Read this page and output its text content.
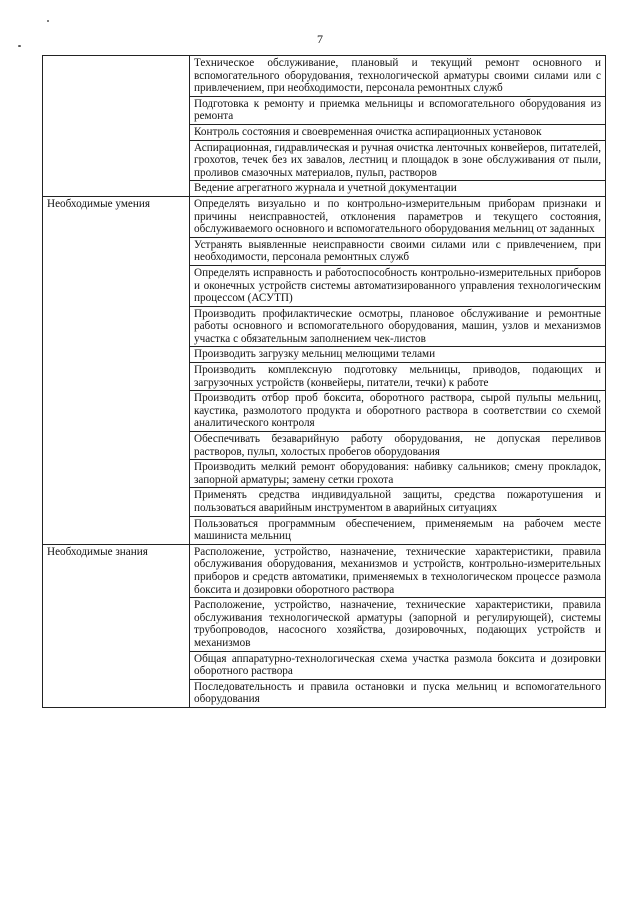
7
	Техническое обслуживание, плановый и текущий ремонт основного и вспомогательного оборудования, технологической арматуры своими силами или с привлечением, при необходимости, персонала ремонтных служб
	Подготовка к ремонту и приемка мельницы и вспомогательного оборудования из ремонта
	Контроль состояния и своевременная очистка аспирационных установок
	Аспирационная, гидравлическая и ручная очистка ленточных конвейеров, питателей, грохотов, течек без их завалов, лестниц и площадок в зоне обслуживания от пыли, проливов смазочных материалов, пульп, растворов
	Ведение агрегатного журнала и учетной документации
Необходимые умения	Определять визуально и по контрольно-измерительным приборам признаки и причины неисправностей, отклонения параметров и текущего состояния, обслуживаемого основного и вспомогательного оборудования мельниц от заданных
	Устранять выявленные неисправности своими силами или с привлечением, при необходимости, персонала ремонтных служб
	Определять исправность и работоспособность контрольно-измерительных приборов и оконечных устройств системы автоматизированного управления технологическим процессом (АСУТП)
	Производить профилактические осмотры, плановое обслуживание и ремонтные работы основного и вспомогательного оборудования, машин, узлов и механизмов участка с обязательным заполнением чек-листов
	Производить загрузку мельниц мелющими телами
	Производить комплексную подготовку мельницы, приводов, подающих и загрузочных устройств (конвейеры, питатели, течки) к работе
	Производить отбор проб боксита, оборотного раствора, сырой пульпы мельниц, каустика, размолотого продукта и оборотного раствора в соответствии со схемой аналитического контроля
	Обеспечивать безаварийную работу оборудования, не допуская переливов растворов, пульп, холостых пробегов оборудования
	Производить мелкий ремонт оборудования: набивку сальников; смену прокладок, запорной арматуры; замену сетки грохота
	Применять средства индивидуальной защиты, средства пожаротушения и пользоваться аварийным инструментом в аварийных ситуациях
	Пользоваться программным обеспечением, применяемым на рабочем месте машиниста мельниц
Необходимые знания	Расположение, устройство, назначение, технические характеристики, правила обслуживания оборудования, механизмов и устройств, контрольно-измерительных приборов и средств автоматики, применяемых в технологическом процессе размола боксита и дозировки оборотного раствора
	Расположение, устройство, назначение, технические характеристики, правила обслуживания технологической арматуры (запорной и регулирующей), системы трубопроводов, насосного хозяйства, дозировочных, подающих устройств и механизмов
	Общая аппаратурно-технологическая схема участка размола боксита и дозировки оборотного раствора
	Последовательность и правила остановки и пуска мельниц и вспомогательного оборудования
